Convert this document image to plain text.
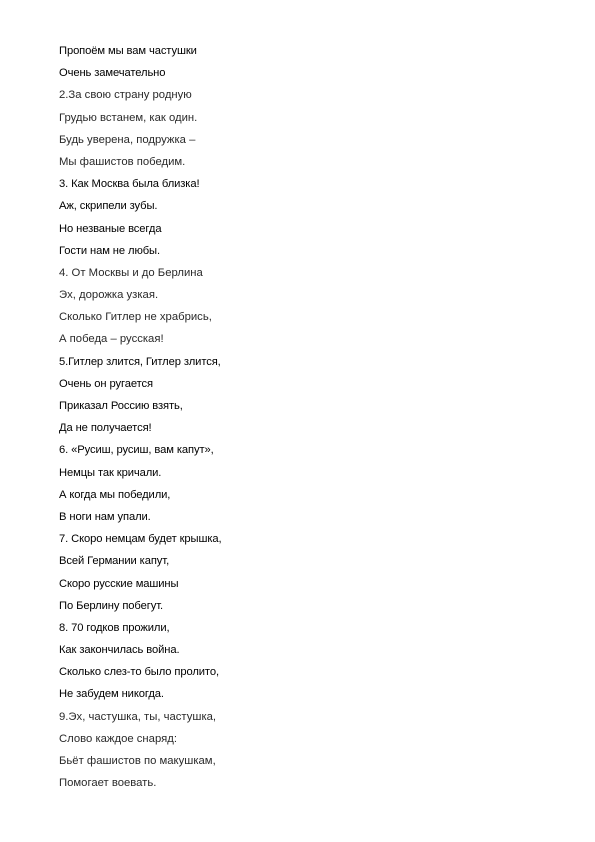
Пропоём мы вам частушки
Очень замечательно
2.За свою страну родную
Грудью встанем, как один.
Будь уверена, подружка –
Мы фашистов победим.
3. Как Москва была близка!
Аж, скрипели зубы.
Но незваные всегда
Гости нам не любы.
4. От Москвы и до Берлина
Эх, дорожка узкая.
Сколько Гитлер не храбрись,
А победа – русская!
5.Гитлер злится, Гитлер злится,
Очень он ругается
Приказал Россию взять,
Да не получается!
6. «Русиш, русиш, вам капут»,
Немцы так кричали.
А когда мы победили,
В ноги нам упали.
7. Скоро немцам будет крышка,
Всей Германии капут,
Скоро русские машины
По Берлину побегут.
8. 70 годков прожили,
Как закончилась война.
Сколько слез-то было пролито,
Не забудем никогда.
9.Эх, частушка, ты, частушка,
Слово каждое снаряд:
Бьёт фашистов по макушкам,
Помогает воевать.
